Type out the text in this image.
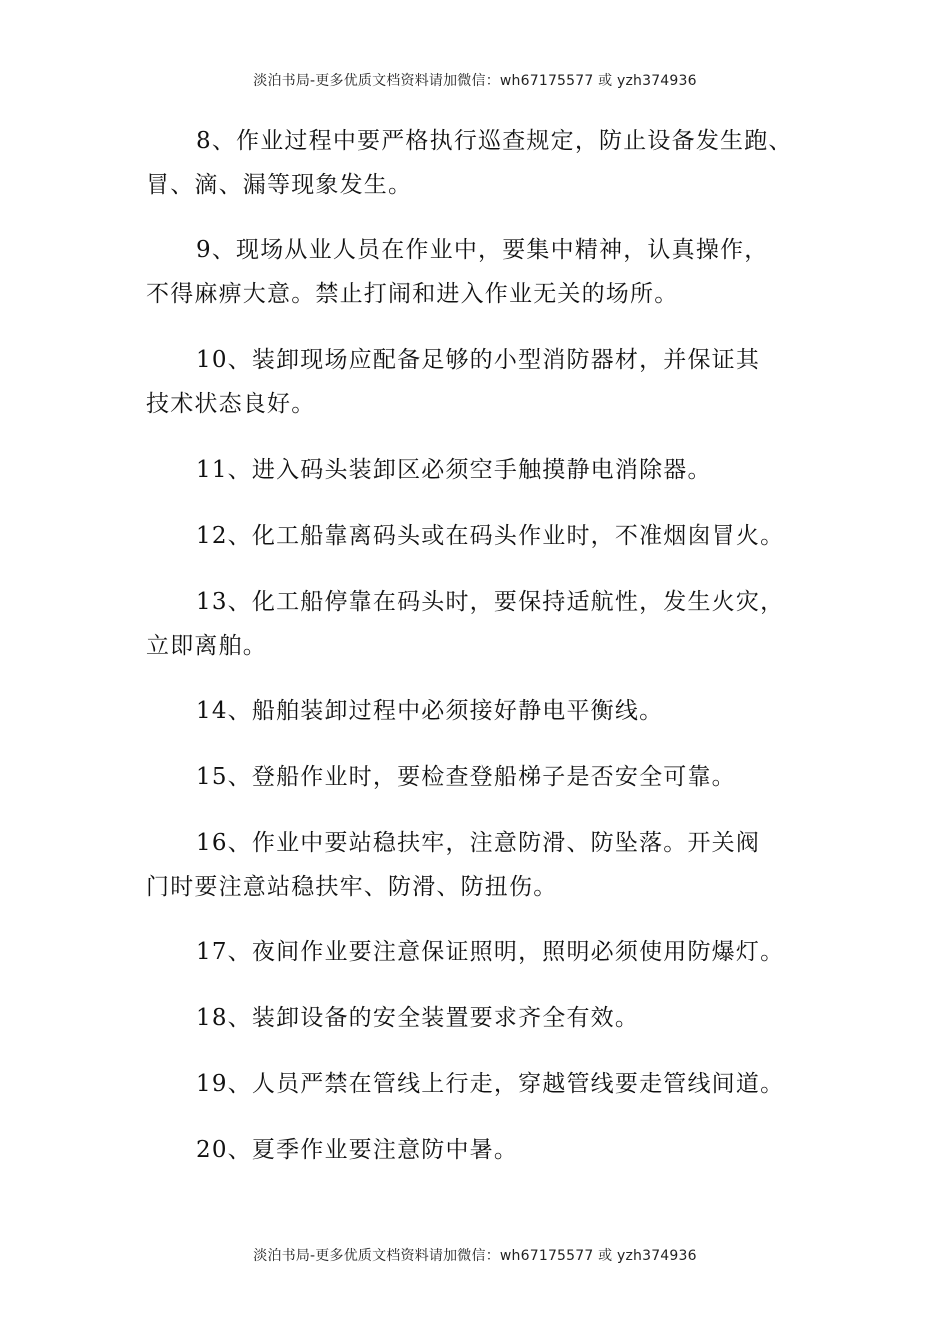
淡泊书局-更多优质文档资料请加微信：wh67175577 或 yzh374936
8、作业过程中要严格执行巡查规定，防止设备发生跑、
冒、滴、漏等现象发生。
9、现场从业人员在作业中，要集中精神，认真操作，
不得麻痹大意。禁止打闹和进入作业无关的场所。
10、装卸现场应配备足够的小型消防器材，并保证其
技术状态良好。
11、进入码头装卸区必须空手触摸静电消除器。
12、化工船靠离码头或在码头作业时，不准烟囱冒火。
13、化工船停靠在码头时，要保持适航性，发生火灾，
立即离舶。
14、船舶装卸过程中必须接好静电平衡线。
15、登船作业时，要检查登船梯子是否安全可靠。
16、作业中要站稳扶牢，注意防滑、防坠落。开关阀
门时要注意站稳扶牢、防滑、防扭伤。
17、夜间作业要注意保证照明，照明必须使用防爆灯。
18、装卸设备的安全装置要求齐全有效。
19、人员严禁在管线上行走，穿越管线要走管线间道。
20、夏季作业要注意防中暑。
淡泊书局-更多优质文档资料请加微信：wh67175577 或 yzh374936
